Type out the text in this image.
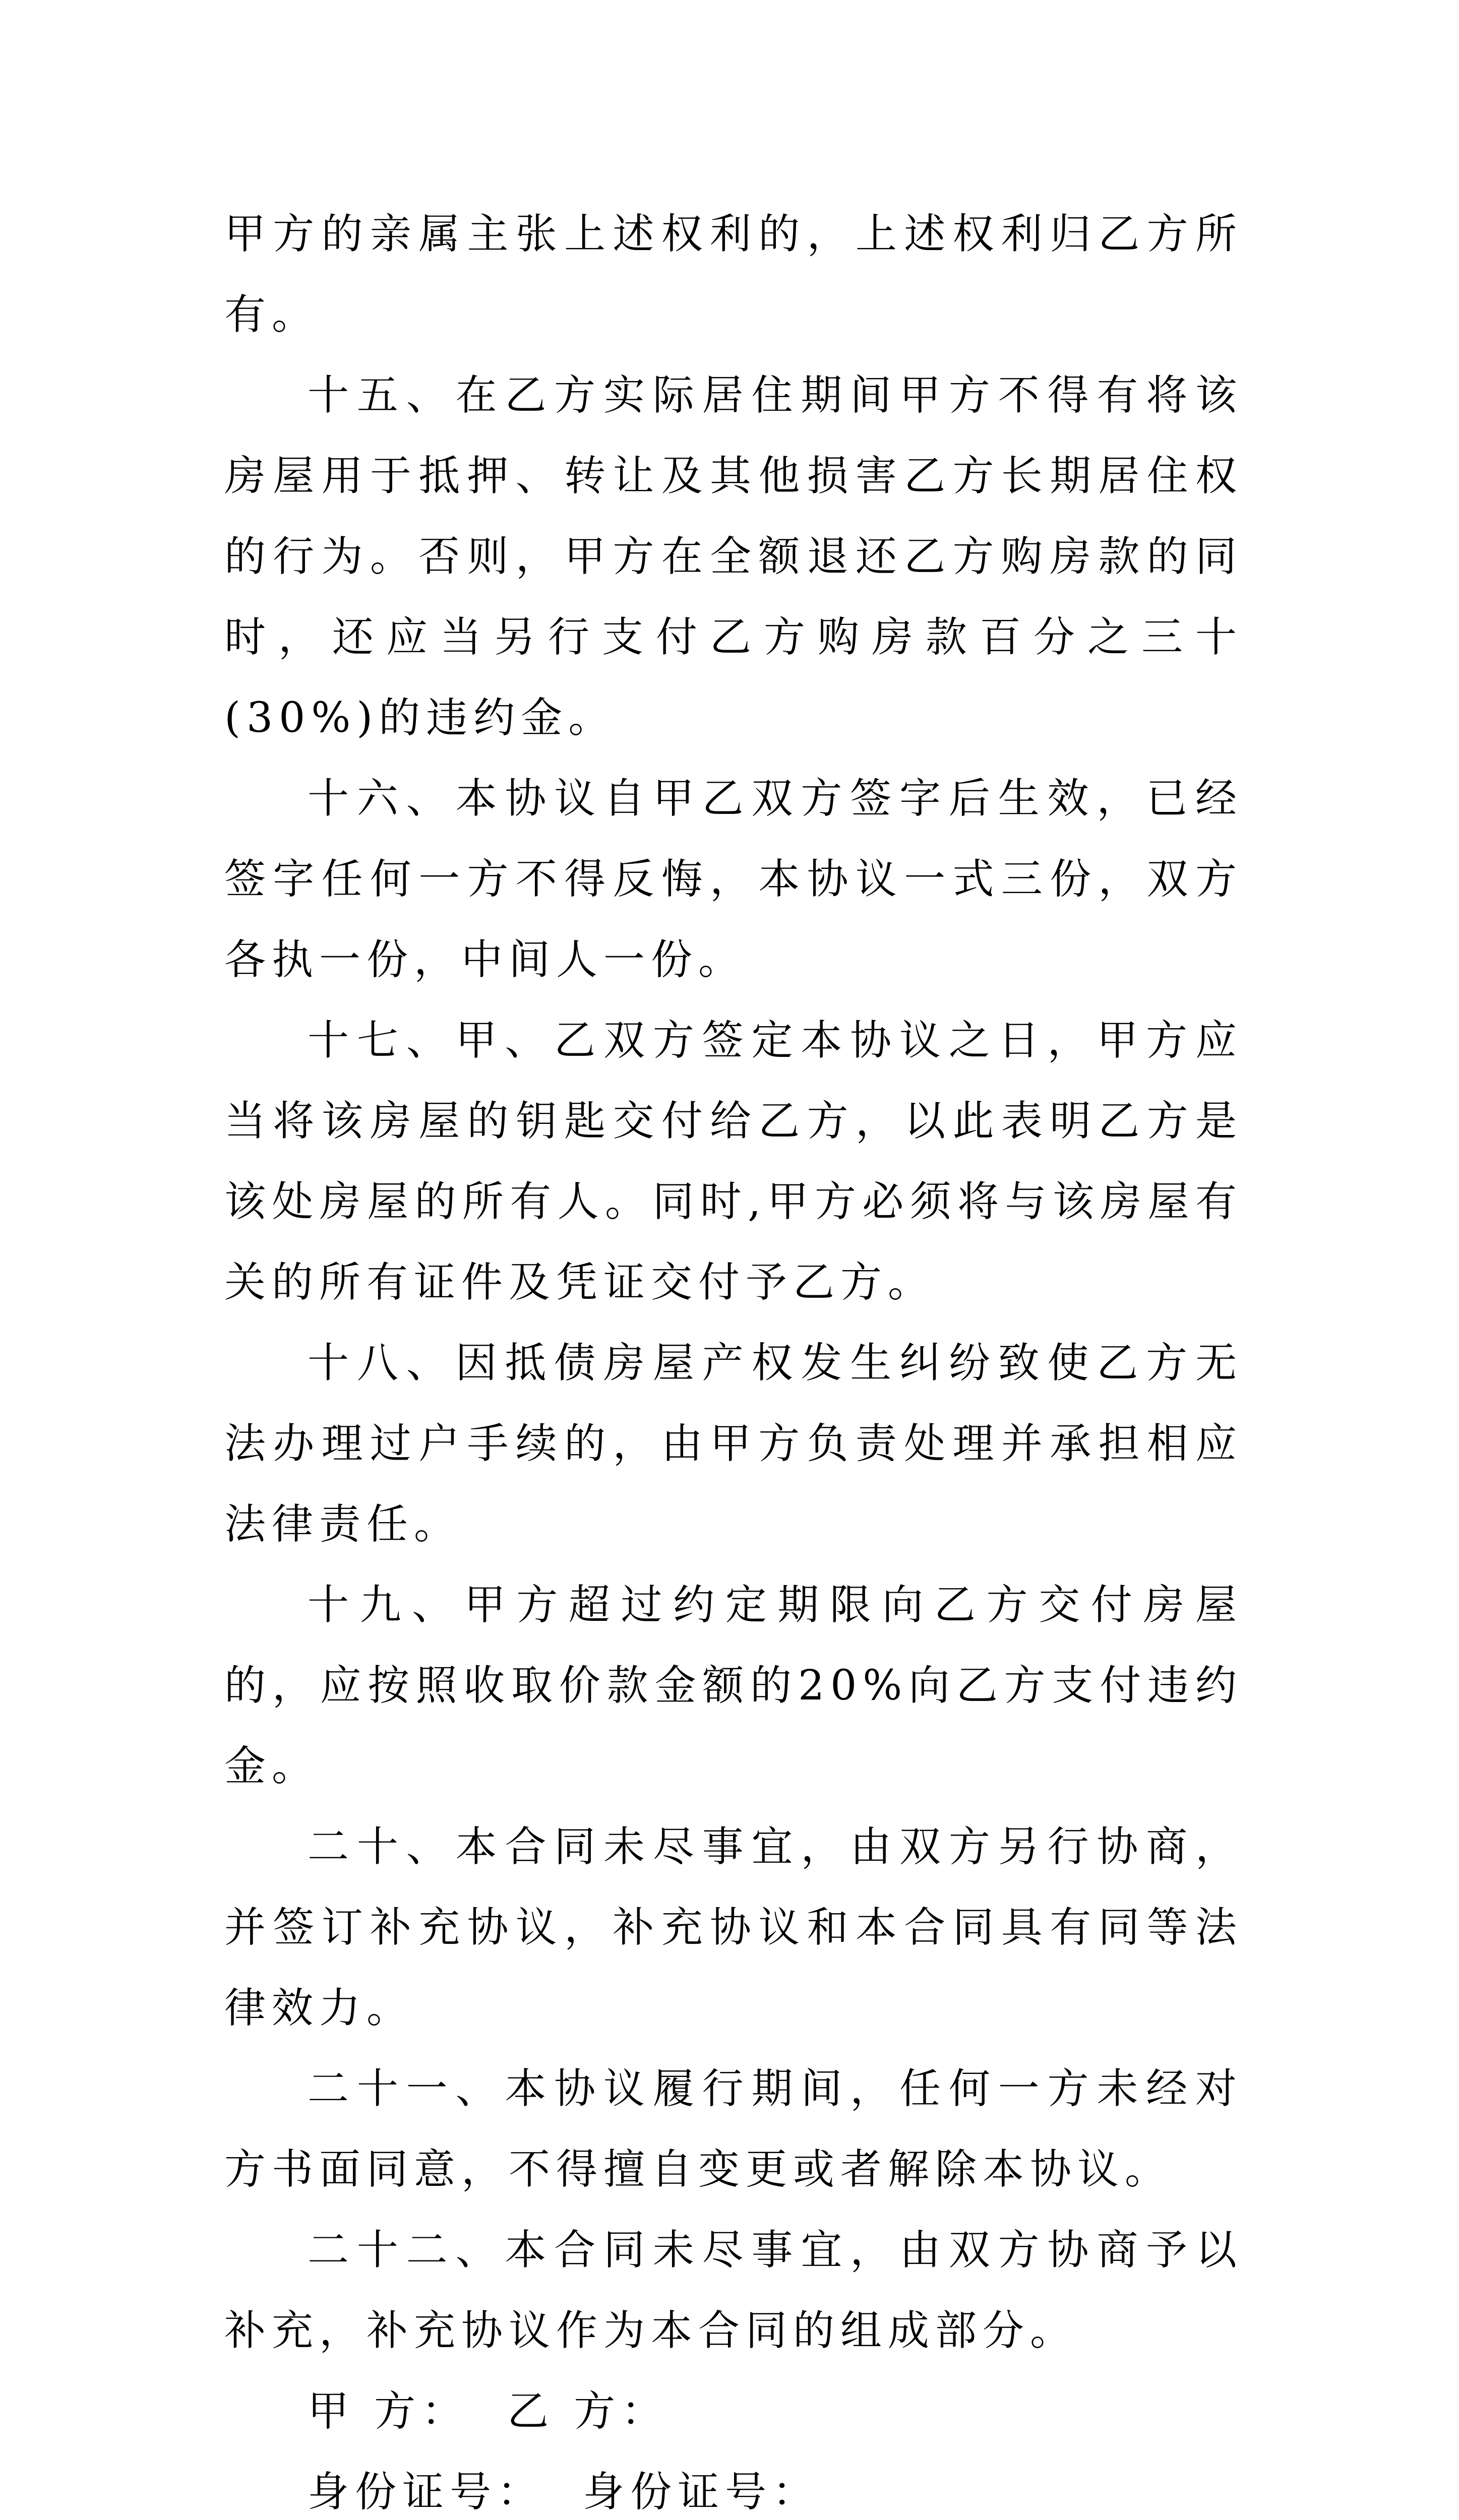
甲方的亲属主张上述权利的，上述权利归乙方所有。

十五、在乙方实际居住期间甲方不得有将该房屋用于抵押、转让及其他损害乙方长期居住权的行为。否则，甲方在全额退还乙方购房款的同时，还应当另行支付乙方购房款百分之三十(30%)的违约金。

十六、本协议自甲乙双方签字后生效，已经签字任何一方不得反悔，本协议一式三份，双方各执一份，中间人一份。

十七、甲、乙双方签定本协议之日，甲方应当将该房屋的钥匙交付给乙方，以此表明乙方是该处房屋的所有人。同时,甲方必须将与该房屋有关的所有证件及凭证交付予乙方。

十八、因抵债房屋产权发生纠纷致使乙方无法办理过户手续的，由甲方负责处理并承担相应法律责任。

十九、甲方超过约定期限向乙方交付房屋的，应按照收取价款金额的20%向乙方支付违约金。

二十、本合同未尽事宜，由双方另行协商，并签订补充协议，补充协议和本合同具有同等法律效力。

二十一、本协议履行期间，任何一方未经对方书面同意，不得擅自变更或者解除本协议。

二十二、本合同未尽事宜，由双方协商予以补充，补充协议作为本合同的组成部分。

甲 方：  乙 方：

身份证号：  身份证号：
